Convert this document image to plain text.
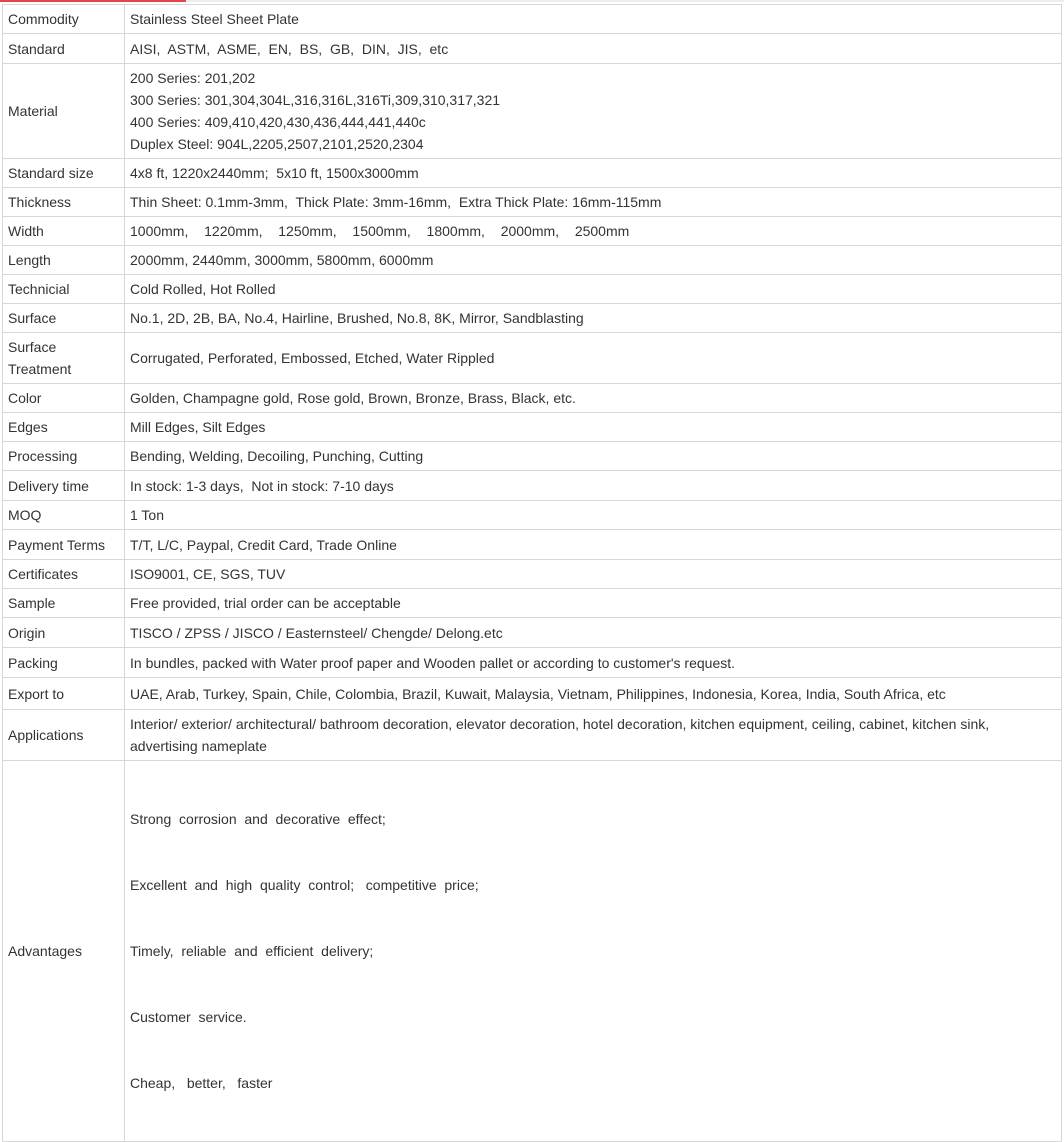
Commodity	Stainless Steel Sheet Plate

Standard	AISI,  ASTM,  ASME,  EN,  BS,  GB,  DIN,  JIS,  etc

Material	200 Series: 201,202
300 Series: 301,304,304L,316,316L,316Ti,309,310,317,321
400 Series: 409,410,420,430,436,444,441,440c
Duplex Steel: 904L,2205,2507,2101,2520,2304

Standard size	4x8 ft, 1220x2440mm;  5x10 ft, 1500x3000mm

Thickness	Thin Sheet: 0.1mm-3mm,  Thick Plate: 3mm-16mm,  Extra Thick Plate: 16mm-115mm

Width	1000mm,  1220mm,  1250mm,  1500mm,  1800mm,  2000mm,  2500mm

Length	2000mm, 2440mm, 3000mm, 5800mm, 6000mm

Technicial	Cold Rolled, Hot Rolled

Surface	No.1, 2D, 2B, BA, No.4, Hairline, Brushed, No.8, 8K, Mirror, Sandblasting

Surface Treatment	Corrugated, Perforated, Embossed, Etched, Water Rippled

Color	Golden, Champagne gold, Rose gold, Brown, Bronze, Brass, Black, etc.

Edges	Mill Edges, Silt Edges

Processing	Bending, Welding, Decoiling, Punching, Cutting

Delivery time	In stock: 1-3 days,  Not in stock: 7-10 days

MOQ	1 Ton

Payment Terms	T/T, L/C, Paypal, Credit Card, Trade Online

Certificates	ISO9001, CE, SGS, TUV

Sample	Free provided, trial order can be acceptable

Origin	TISCO / ZPSS / JISCO / Easternsteel/ Chengde/ Delong.etc

Packing	In bundles, packed with Water proof paper and Wooden pallet or according to customer's request.

Export to	UAE, Arab, Turkey, Spain, Chile, Colombia, Brazil, Kuwait, Malaysia, Vietnam, Philippines, Indonesia, Korea, India, South Africa, etc

Applications	Interior/ exterior/ architectural/ bathroom decoration, elevator decoration, hotel decoration, kitchen equipment, ceiling, cabinet, kitchen sink,
advertising nameplate

Advantages	Strong  corrosion  and  decorative  effect;

Excellent  and  high  quality  control;   competitive  price;

Timely,  reliable  and  efficient  delivery;

Customer  service.

Cheap,   better,   faster
